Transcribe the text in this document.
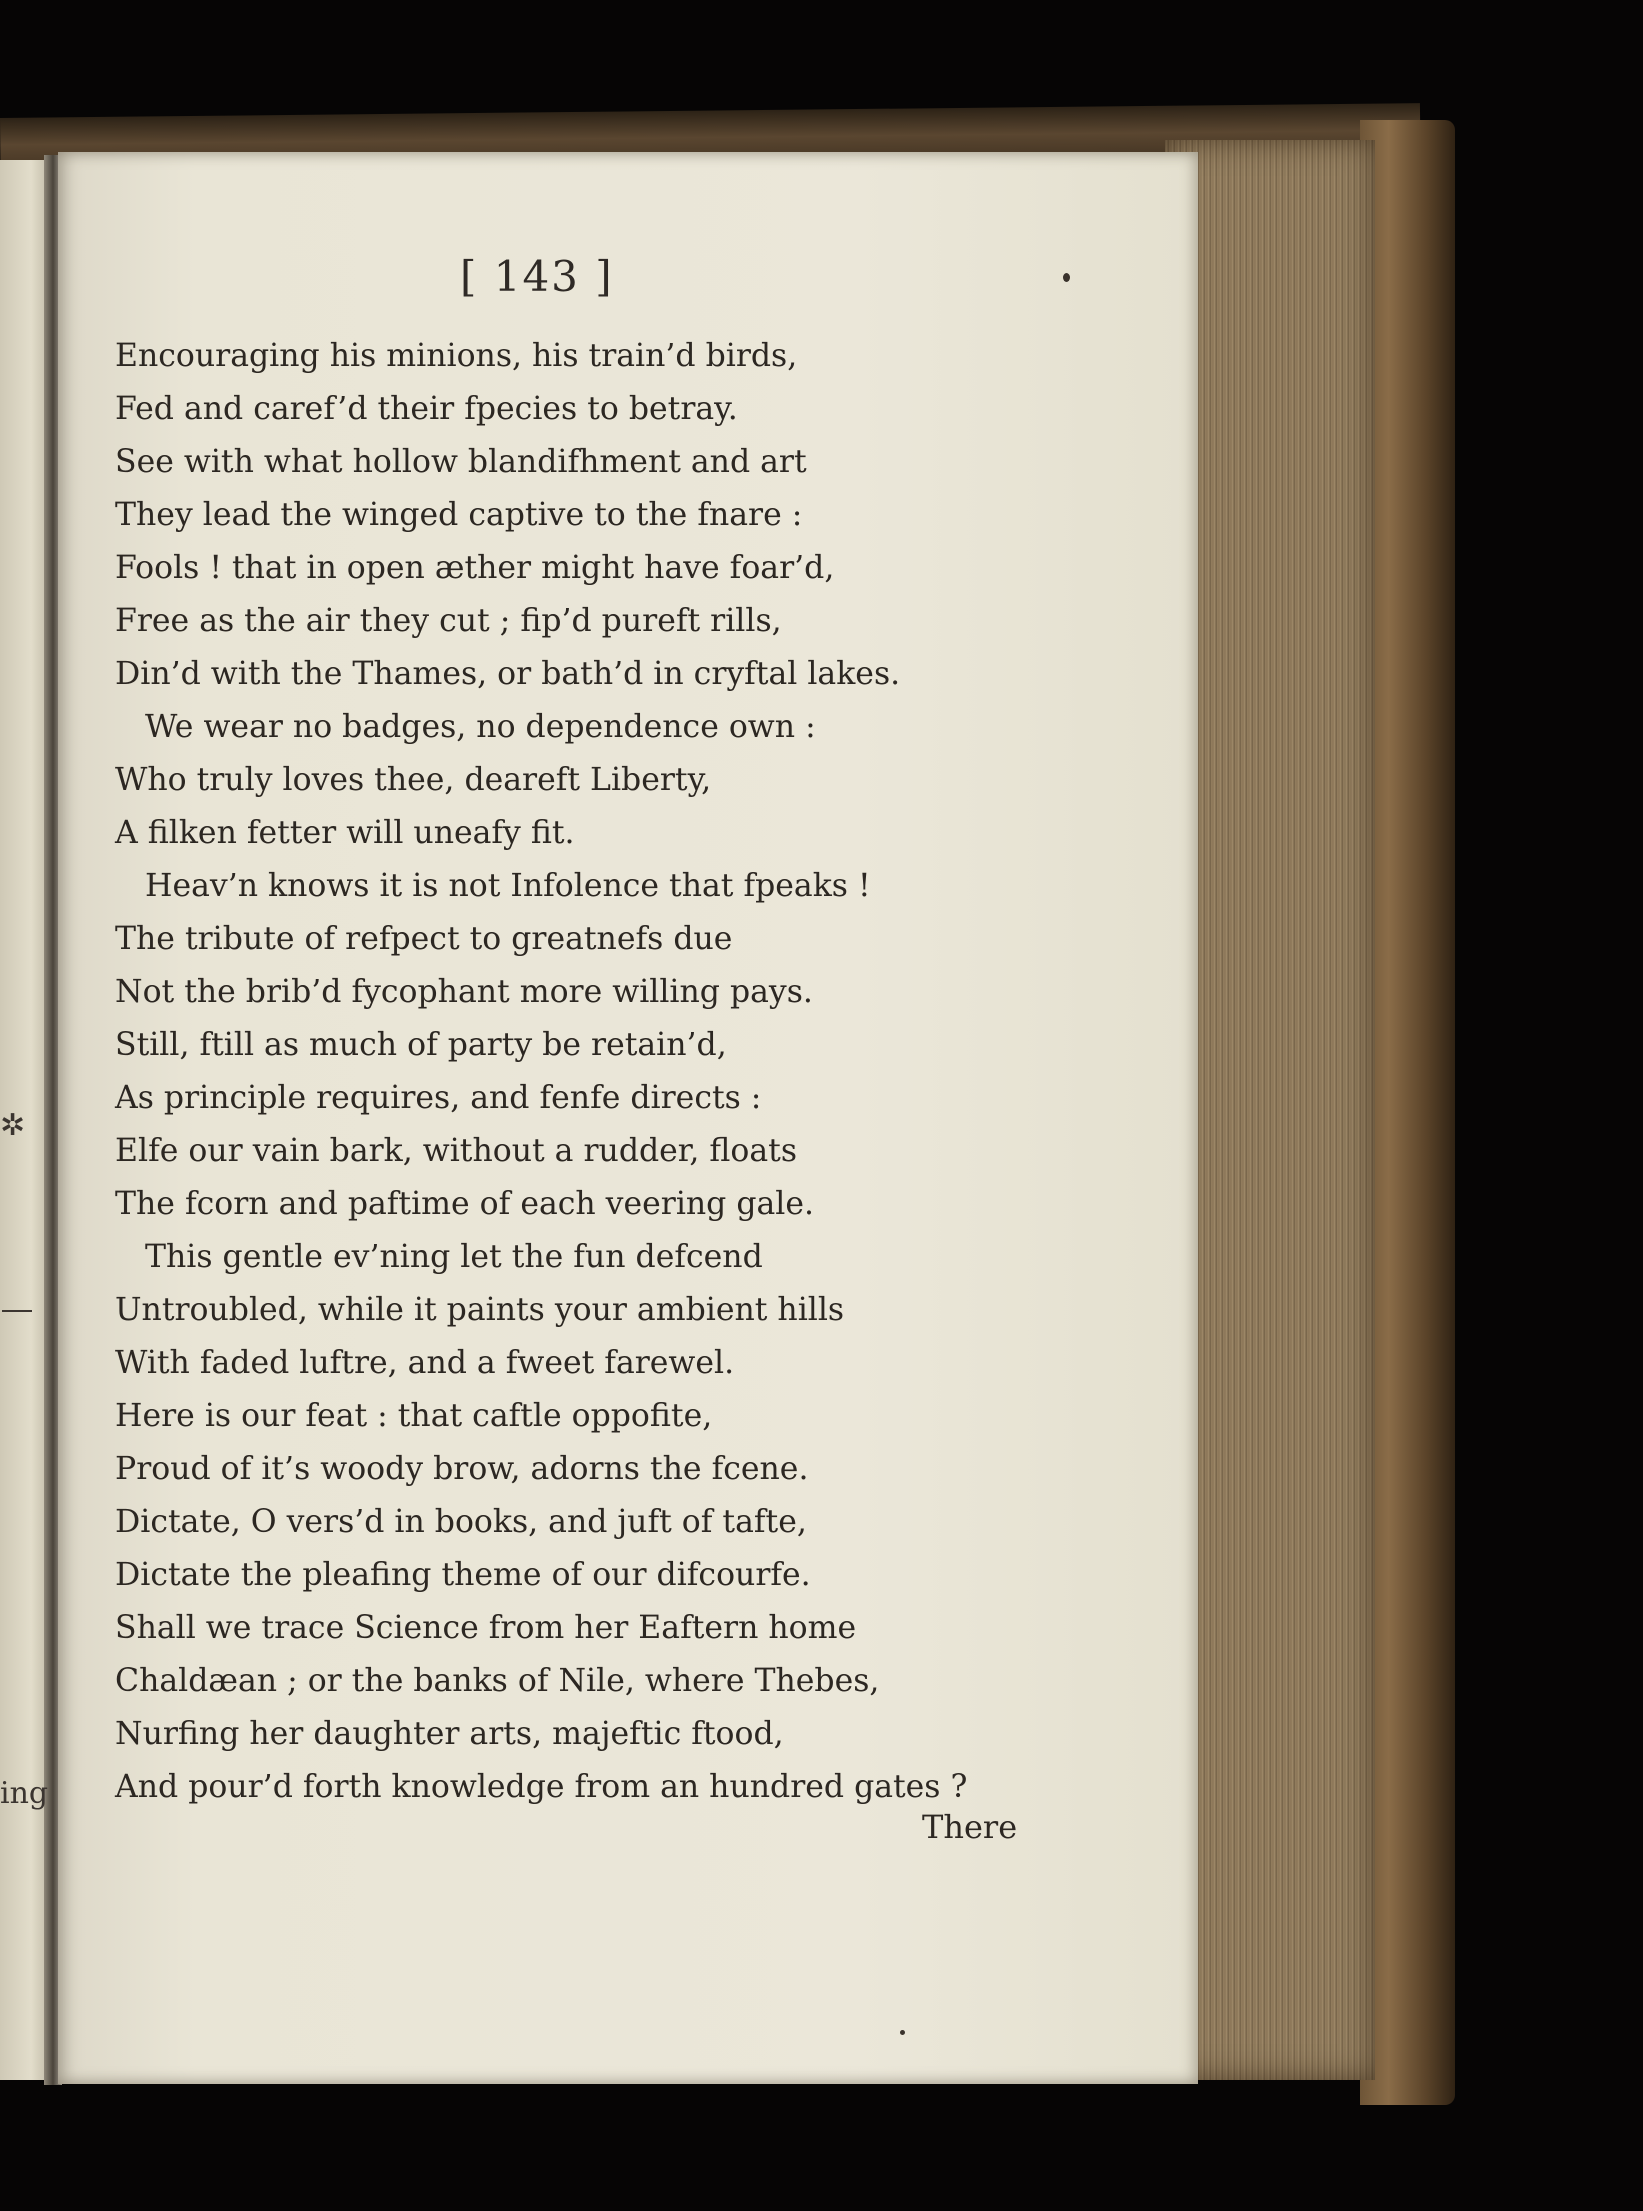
✲
ing
[ 143 ]
Encouraging his minions, his train’d birds,
Fed and caref’d their fpecies to betray.
See with what hollow blandifhment and art
They lead the winged captive to the fnare :
Fools ! that in open æther might have foar’d,
Free as the air they cut ; fip’d pureft rills,
Din’d with the Thames, or bath’d in cryftal lakes.
We wear no badges, no dependence own :
Who truly loves thee, deareft Liberty,
A filken fetter will uneafy fit.
Heav’n knows it is not Infolence that fpeaks !
The tribute of refpect to greatnefs due
Not the brib’d fycophant more willing pays.
Still, ftill as much of party be retain’d,
As principle requires, and fenfe directs :
Elfe our vain bark, without a rudder, floats
The fcorn and paftime of each veering gale.
This gentle ev’ning let the fun defcend
Untroubled, while it paints your ambient hills
With faded luftre, and a fweet farewel.
Here is our feat : that caftle oppofite,
Proud of it’s woody brow, adorns the fcene.
Dictate, O vers’d in books, and juft of tafte,
Dictate the pleafing theme of our difcourfe.
Shall we trace Science from her Eaftern home
Chaldæan ; or the banks of Nile, where Thebes,
Nurfing her daughter arts, majeftic ftood,
And pour’d forth knowledge from an hundred gates ?
There
